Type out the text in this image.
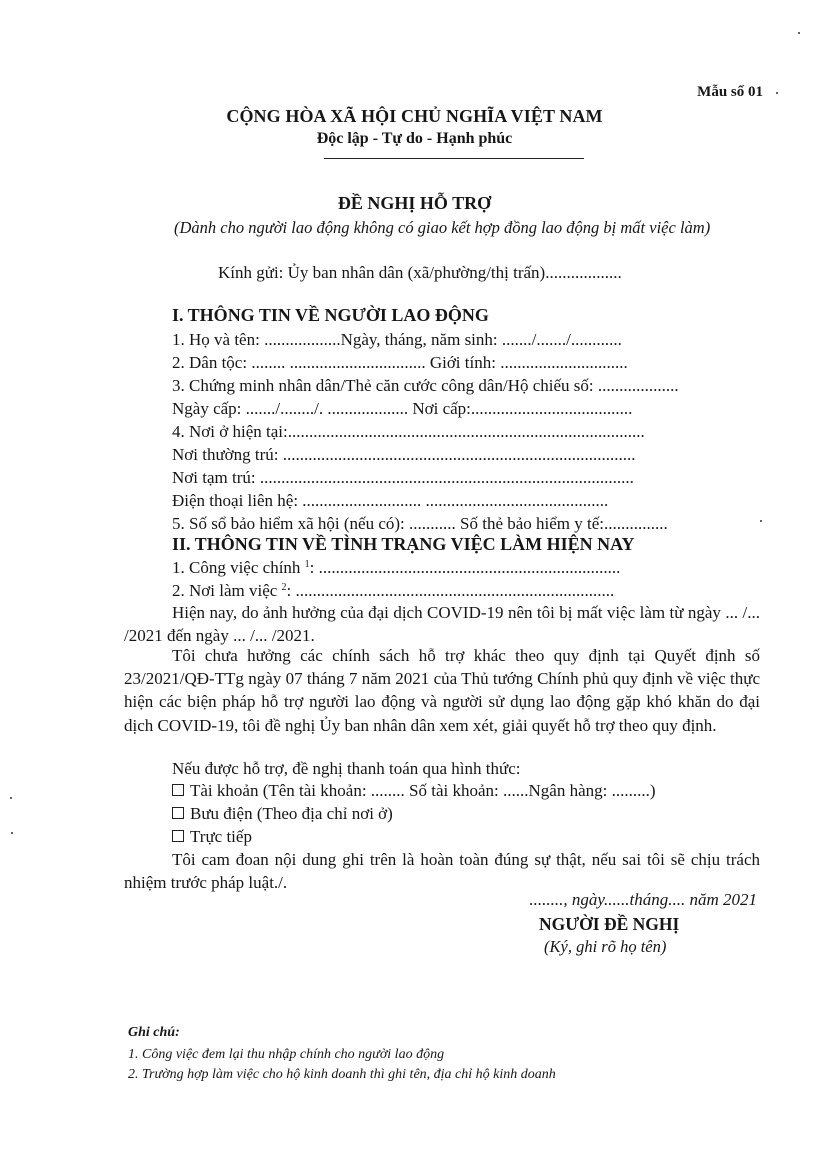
Mẫu số 01
CỘNG HÒA XÃ HỘI CHỦ NGHĨA VIỆT NAM
Độc lập - Tự do - Hạnh phúc
ĐỀ NGHỊ HỖ TRỢ
(Dành cho người lao động không có giao kết hợp đồng lao động bị mất việc làm)
Kính gửi: Ủy ban nhân dân (xã/phường/thị trấn)..................
I. THÔNG TIN VỀ NGƯỜI LAO ĐỘNG
1. Họ và tên: ..................Ngày, tháng, năm sinh: ......./......./............
2. Dân tộc: ........ ................................ Giới tính: ..............................
3. Chứng minh nhân dân/Thẻ căn cước công dân/Hộ chiếu số: ...................
Ngày cấp: ......./......../. ................... Nơi cấp:......................................
4. Nơi ở hiện tại:....................................................................................
Nơi thường trú: ...................................................................................
Nơi tạm trú: ........................................................................................
Điện thoại liên hệ: ............................ ...........................................
5. Số sổ bảo hiểm xã hội (nếu có): ........... Số thẻ bảo hiểm y tế:...............
II. THÔNG TIN VỀ TÌNH TRẠNG VIỆC LÀM HIỆN NAY
1. Công việc chính $^1$: .......................................................................
2. Nơi làm việc $^2$: ...........................................................................
Hiện nay, do ảnh hưởng của đại dịch COVID-19 nên tôi bị mất việc làm từ ngày ... /... /2021 đến ngày ... /... /2021.
Tôi chưa hưởng các chính sách hỗ trợ khác theo quy định tại Quyết định số 23/2021/QĐ-TTg ngày 07 tháng 7 năm 2021 của Thủ tướng Chính phủ quy định về việc thực hiện các biện pháp hỗ trợ người lao động và người sử dụng lao động gặp khó khăn do đại dịch COVID-19, tôi đề nghị Ủy ban nhân dân xem xét, giải quyết hỗ trợ theo quy định.
Nếu được hỗ trợ, đề nghị thanh toán qua hình thức:
Tài khoản (Tên tài khoản: ........ Số tài khoản: ......Ngân hàng: .........)
Bưu điện (Theo địa chỉ nơi ở)
Trực tiếp
Tôi cam đoan nội dung ghi trên là hoàn toàn đúng sự thật, nếu sai tôi sẽ chịu trách nhiệm trước pháp luật./.
........, ngày......tháng.... năm 2021
NGƯỜI ĐỀ NGHỊ
(Ký, ghi rõ họ tên)
Ghi chú:
1. Công việc đem lại thu nhập chính cho người lao động
2. Trường hợp làm việc cho hộ kinh doanh thì ghi tên, địa chỉ hộ kinh doanh
